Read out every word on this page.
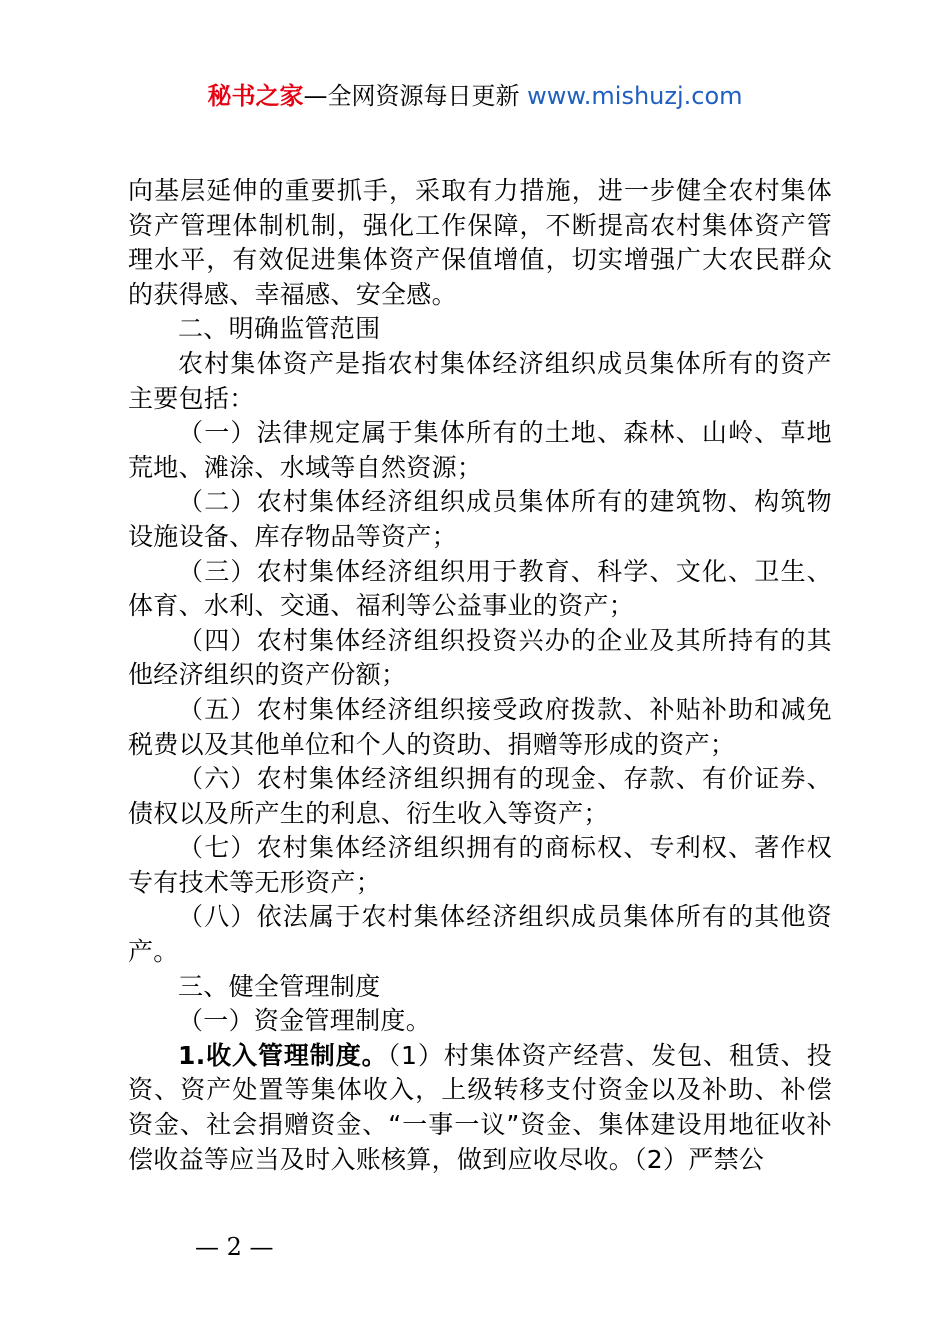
秘书之家—全网资源每日更新 www.mishuzj.com

向基层延伸的重要抓手，采取有力措施，进一步健全农村集体资产管理体制机制，强化工作保障，不断提高农村集体资产管理水平，有效促进集体资产保值增值，切实增强广大农民群众的获得感、幸福感、安全感。

二、明确监管范围

农村集体资产是指农村集体经济组织成员集体所有的资产主要包括：

（一）法律规定属于集体所有的土地、森林、山岭、草地荒地、滩涂、水域等自然资源；

（二）农村集体经济组织成员集体所有的建筑物、构筑物设施设备、库存物品等资产；

（三）农村集体经济组织用于教育、科学、文化、卫生、体育、水利、交通、福利等公益事业的资产；

（四）农村集体经济组织投资兴办的企业及其所持有的其他经济组织的资产份额；

（五）农村集体经济组织接受政府拨款、补贴补助和减免税费以及其他单位和个人的资助、捐赠等形成的资产；

（六）农村集体经济组织拥有的现金、存款、有价证券、债权以及所产生的利息、衍生收入等资产；

（七）农村集体经济组织拥有的商标权、专利权、著作权专有技术等无形资产；

（八）依法属于农村集体经济组织成员集体所有的其他资产。

三、健全管理制度

（一）资金管理制度。

1.收入管理制度。（1）村集体资产经营、发包、租赁、投资、资产处置等集体收入，上级转移支付资金以及补助、补偿资金、社会捐赠资金、“一事一议”资金、集体建设用地征收补偿收益等应当及时入账核算，做到应收尽收。（2）严禁公

— 2 —
